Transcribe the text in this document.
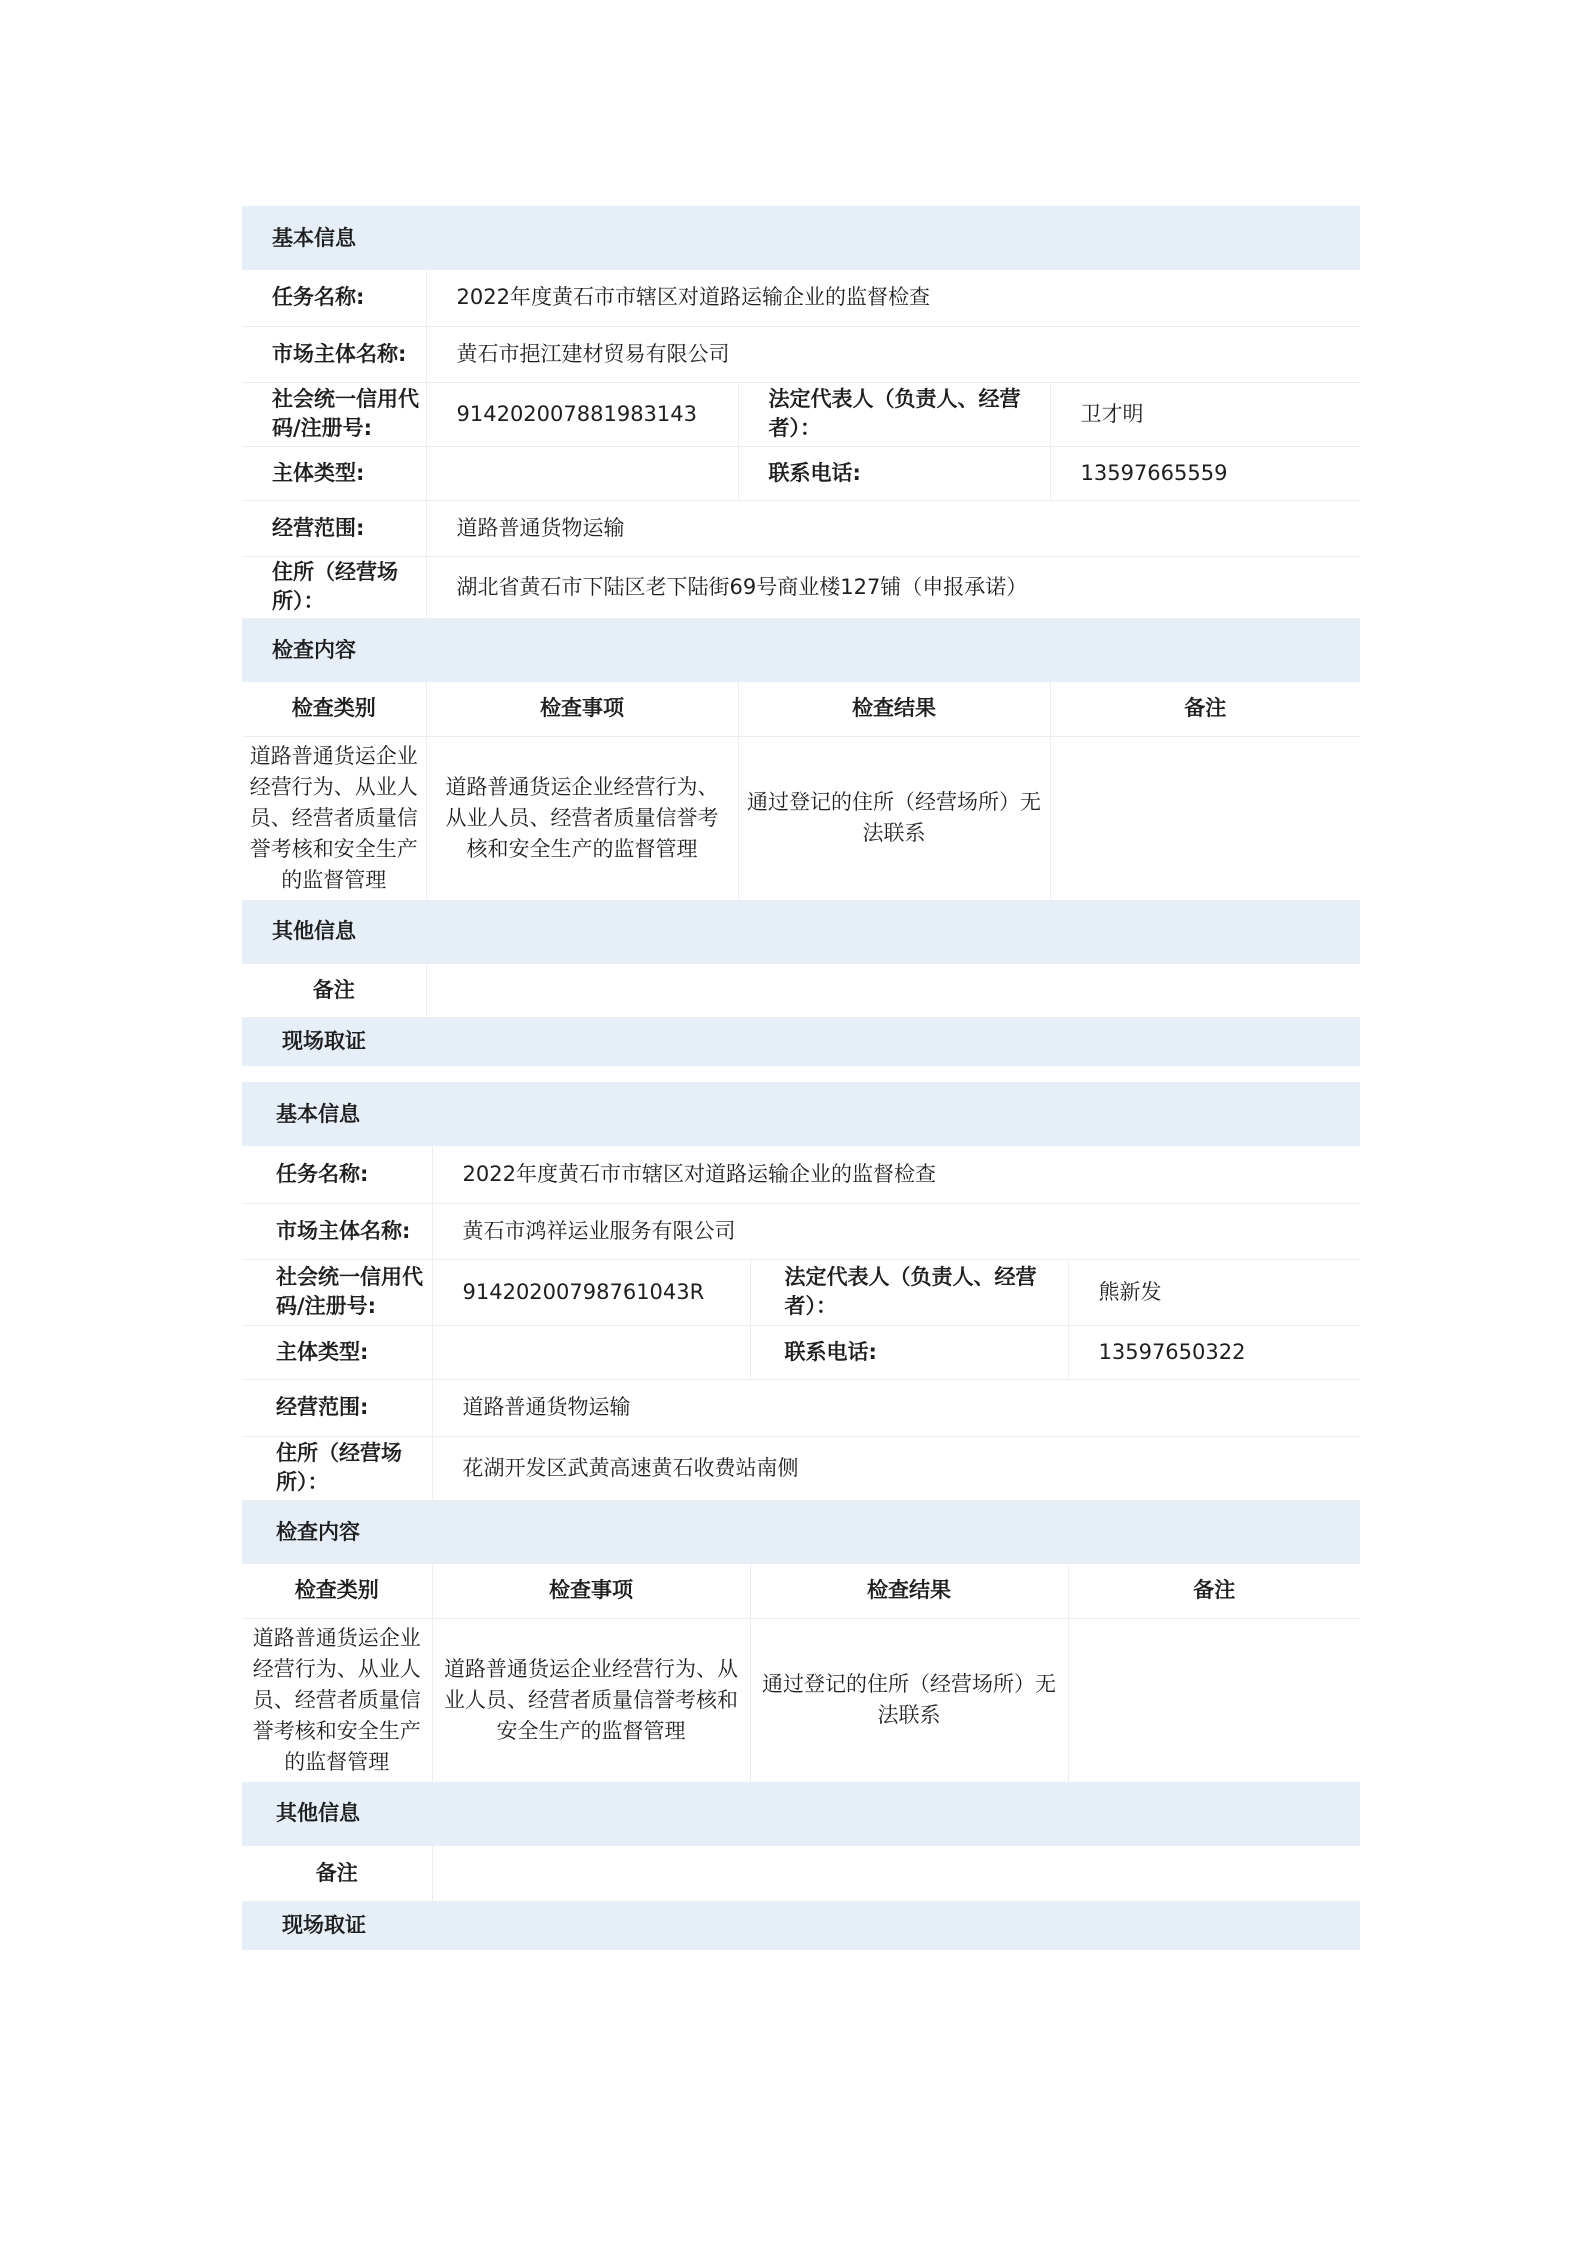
基本信息			
任务名称:	2022年度黄石市市辖区对道路运输企业的监督检查		
市场主体名称:	黄石市挹江建材贸易有限公司		
社会统一信用代码/注册号:	914202007881983143	法定代表人（负责人、经营者）：	卫才明
主体类型:		联系电话:	13597665559
经营范围:	道路普通货物运输		
住所（经营场所）：	湖北省黄石市下陆区老下陆街69号商业楼127铺（申报承诺）		
检查内容			
检查类别	检查事项	检查结果	备注
道路普通货运企业经营行为、从业人员、经营者质量信誉考核和安全生产的监督管理	道路普通货运企业经营行为、从业人员、经营者质量信誉考核和安全生产的监督管理	通过登记的住所（经营场所）无法联系	
其他信息			
备注			
现场取证			
基本信息			
任务名称:	2022年度黄石市市辖区对道路运输企业的监督检查		
市场主体名称:	黄石市鸿祥运业服务有限公司		
社会统一信用代码/注册号:	91420200798761043R	法定代表人（负责人、经营者）：	熊新发
主体类型:		联系电话:	13597650322
经营范围:	道路普通货物运输		
住所（经营场所）：	花湖开发区武黄高速黄石收费站南侧		
检查内容			
检查类别	检查事项	检查结果	备注
道路普通货运企业经营行为、从业人员、经营者质量信誉考核和安全生产的监督管理	道路普通货运企业经营行为、从业人员、经营者质量信誉考核和安全生产的监督管理	通过登记的住所（经营场所）无法联系	
其他信息			
备注			
现场取证			
